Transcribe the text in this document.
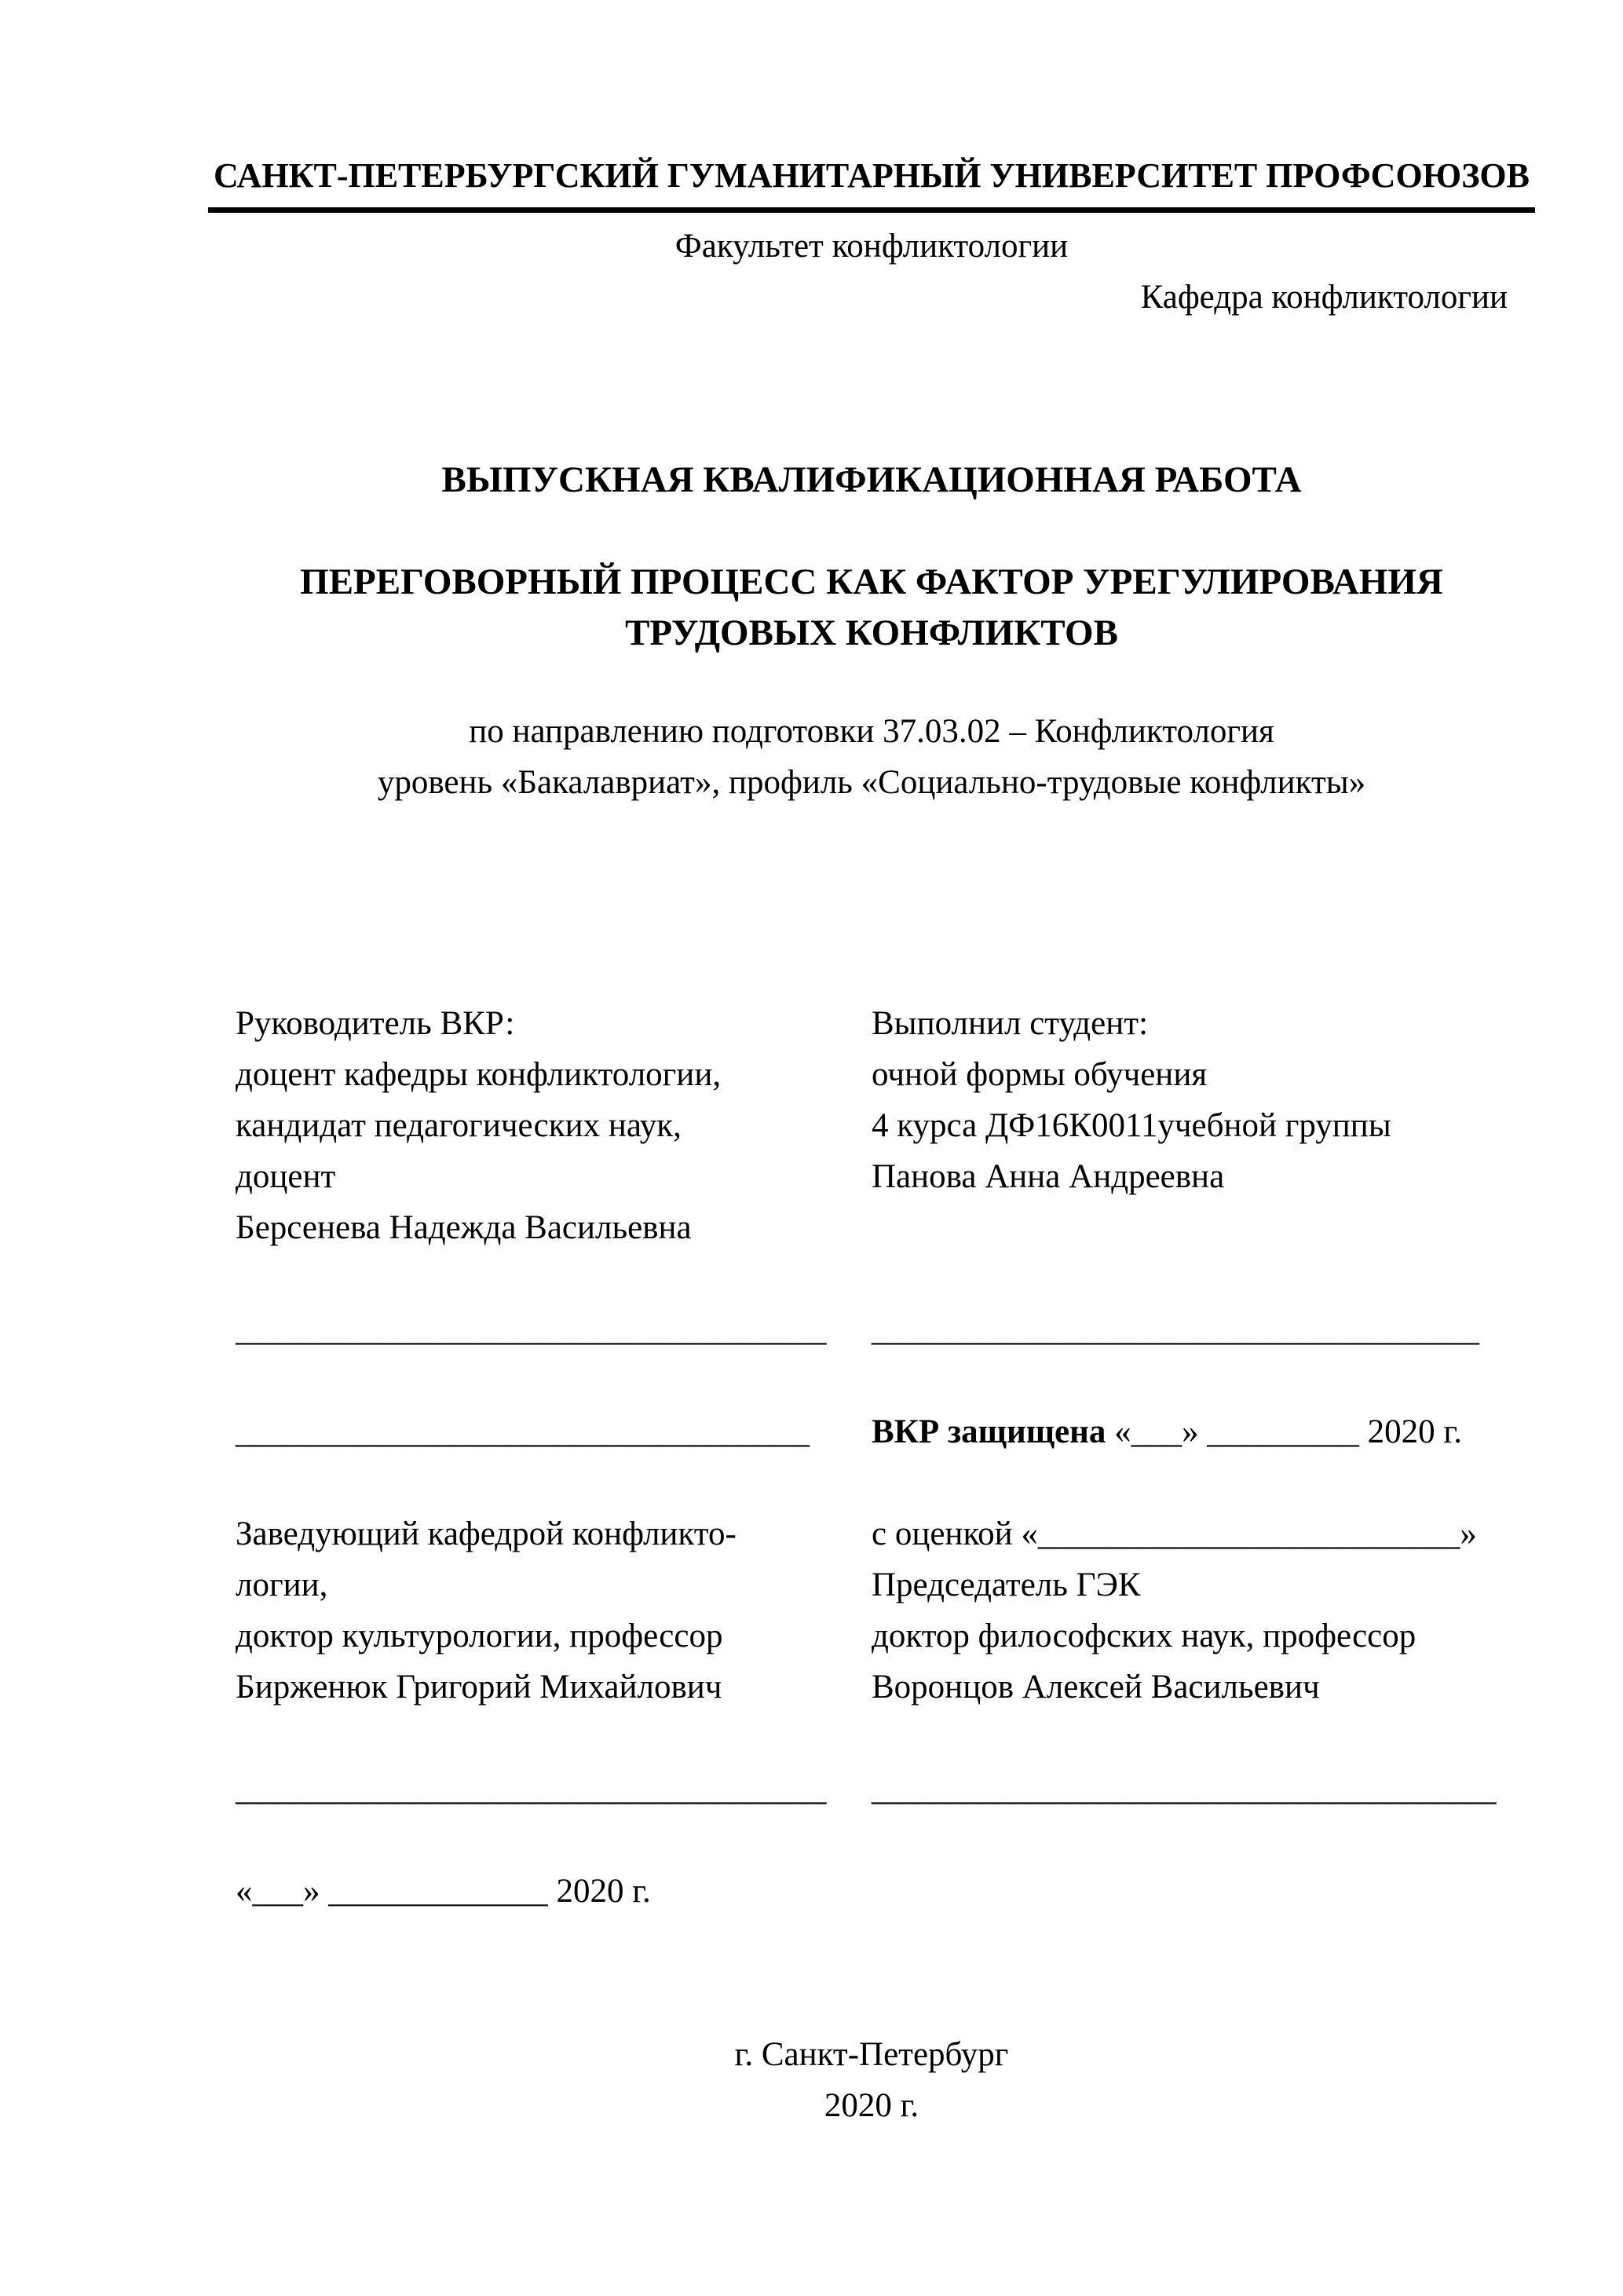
САНКТ-ПЕТЕРБУРГСКИЙ ГУМАНИТАРНЫЙ УНИВЕРСИТЕТ ПРОФСОЮЗОВ
Факультет конфликтологии
Кафедра конфликтологии
ВЫПУСКНАЯ КВАЛИФИКАЦИОННАЯ РАБОТА
ПЕРЕГОВОРНЫЙ ПРОЦЕСС КАК ФАКТОР УРЕГУЛИРОВАНИЯ
ТРУДОВЫХ КОНФЛИКТОВ
по направлению подготовки 37.03.02 – Конфликтология
уровень «Бакалавриат», профиль «Социально-трудовые конфликты»
Руководитель ВКР:
доцент кафедры конфликтологии,
кандидат педагогических наук,
доцент
Берсенева Надежда Васильевна
___________________________________
__________________________________
Заведующий кафедрой конфликто-
логии,
доктор культурологии, профессор
Бирженюк Григорий Михайлович
___________________________________
«___» _____________ 2020 г.
Выполнил студент:
очной формы обучения
4 курса ДФ16К0011учебной группы
Панова Анна Андреевна
____________________________________
ВКР защищена «___» _________ 2020 г.
с оценкой «_________________________»
Председатель ГЭК
доктор философских наук, профессор
Воронцов Алексей Васильевич
_____________________________________
г. Санкт-Петербург
2020 г.
